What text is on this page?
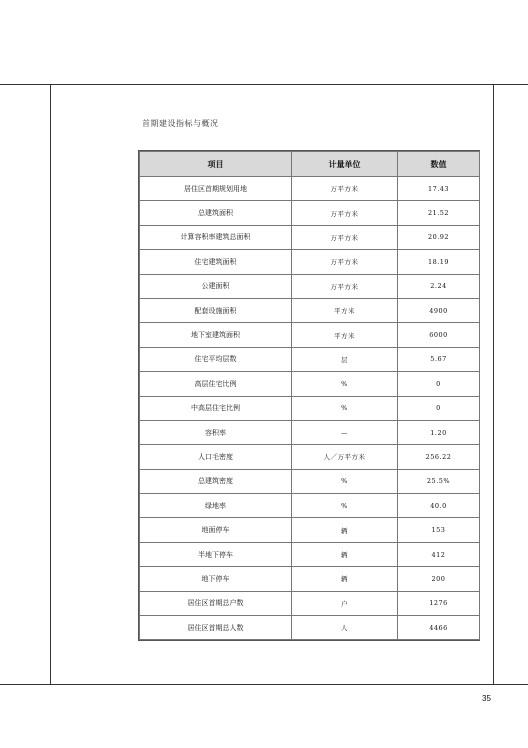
首期建设指标与概况
项目	计量单位	数值
居住区首期规划用地	万平方米	17.43
总建筑面积	万平方米	21.52
计算容积率建筑总面积	万平方米	20.92
住宅建筑面积	万平方米	18.19
公建面积	万平方米	2.24
配套设施面积	平方米	4900
地下室建筑面积	平方米	6000
住宅平均层数	层	5.67
高层住宅比例	%	0
中高层住宅比例	%	0
容积率	—	1.20
人口毛密度	人／万平方米	256.22
总建筑密度	%	25.5%
绿地率	%	40.0
地面停车	辆	153
半地下停车	辆	412
地下停车	辆	200
居住区首期总户数	户	1276
居住区首期总人数	人	4466
35
